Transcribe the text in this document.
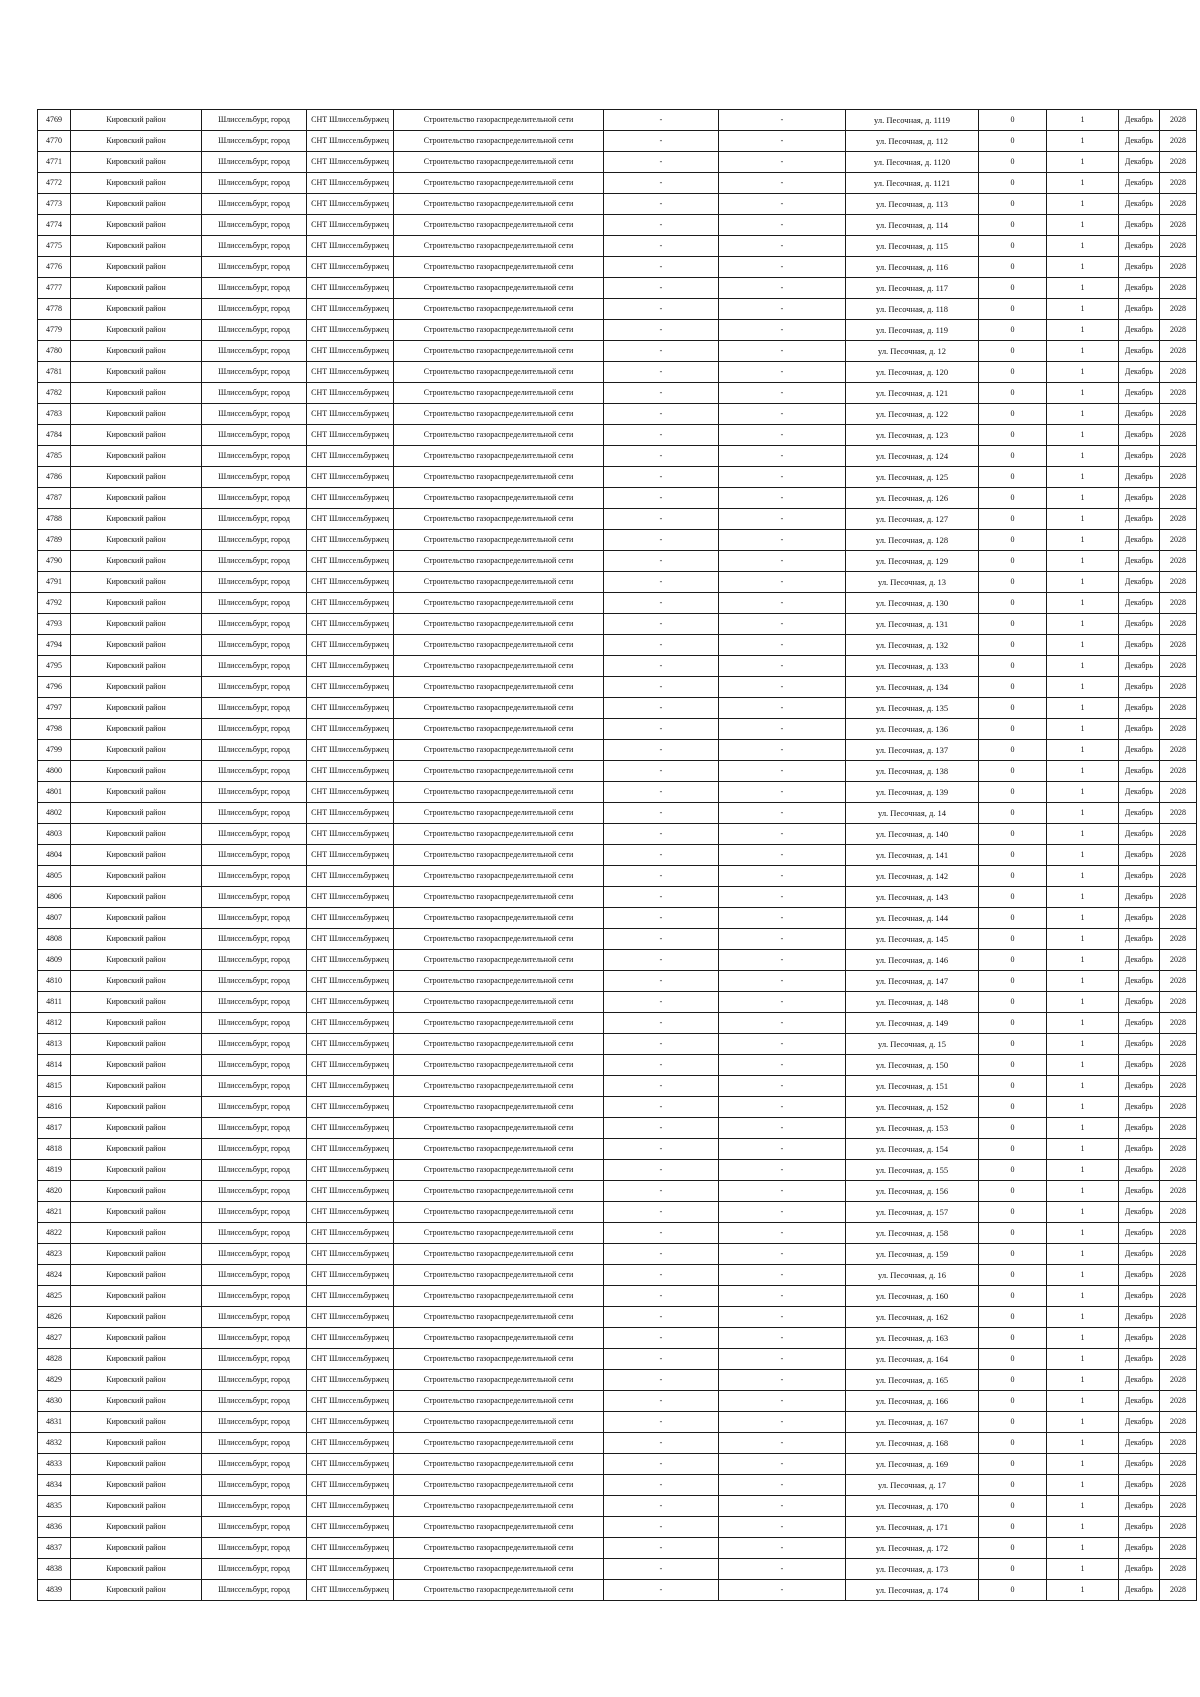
4769	Кировский район	Шлиссельбург, город	СНТ Шлиссельбуржец	Строительство газораспределительной сети	-	-	ул. Песочная, д. 1119	0	1	Декабрь	2028
4770	Кировский район	Шлиссельбург, город	СНТ Шлиссельбуржец	Строительство газораспределительной сети	-	-	ул. Песочная, д. 112	0	1	Декабрь	2028
4771	Кировский район	Шлиссельбург, город	СНТ Шлиссельбуржец	Строительство газораспределительной сети	-	-	ул. Песочная, д. 1120	0	1	Декабрь	2028
4772	Кировский район	Шлиссельбург, город	СНТ Шлиссельбуржец	Строительство газораспределительной сети	-	-	ул. Песочная, д. 1121	0	1	Декабрь	2028
4773	Кировский район	Шлиссельбург, город	СНТ Шлиссельбуржец	Строительство газораспределительной сети	-	-	ул. Песочная, д. 113	0	1	Декабрь	2028
4774	Кировский район	Шлиссельбург, город	СНТ Шлиссельбуржец	Строительство газораспределительной сети	-	-	ул. Песочная, д. 114	0	1	Декабрь	2028
4775	Кировский район	Шлиссельбург, город	СНТ Шлиссельбуржец	Строительство газораспределительной сети	-	-	ул. Песочная, д. 115	0	1	Декабрь	2028
4776	Кировский район	Шлиссельбург, город	СНТ Шлиссельбуржец	Строительство газораспределительной сети	-	-	ул. Песочная, д. 116	0	1	Декабрь	2028
4777	Кировский район	Шлиссельбург, город	СНТ Шлиссельбуржец	Строительство газораспределительной сети	-	-	ул. Песочная, д. 117	0	1	Декабрь	2028
4778	Кировский район	Шлиссельбург, город	СНТ Шлиссельбуржец	Строительство газораспределительной сети	-	-	ул. Песочная, д. 118	0	1	Декабрь	2028
4779	Кировский район	Шлиссельбург, город	СНТ Шлиссельбуржец	Строительство газораспределительной сети	-	-	ул. Песочная, д. 119	0	1	Декабрь	2028
4780	Кировский район	Шлиссельбург, город	СНТ Шлиссельбуржец	Строительство газораспределительной сети	-	-	ул. Песочная, д. 12	0	1	Декабрь	2028
4781	Кировский район	Шлиссельбург, город	СНТ Шлиссельбуржец	Строительство газораспределительной сети	-	-	ул. Песочная, д. 120	0	1	Декабрь	2028
4782	Кировский район	Шлиссельбург, город	СНТ Шлиссельбуржец	Строительство газораспределительной сети	-	-	ул. Песочная, д. 121	0	1	Декабрь	2028
4783	Кировский район	Шлиссельбург, город	СНТ Шлиссельбуржец	Строительство газораспределительной сети	-	-	ул. Песочная, д. 122	0	1	Декабрь	2028
4784	Кировский район	Шлиссельбург, город	СНТ Шлиссельбуржец	Строительство газораспределительной сети	-	-	ул. Песочная, д. 123	0	1	Декабрь	2028
4785	Кировский район	Шлиссельбург, город	СНТ Шлиссельбуржец	Строительство газораспределительной сети	-	-	ул. Песочная, д. 124	0	1	Декабрь	2028
4786	Кировский район	Шлиссельбург, город	СНТ Шлиссельбуржец	Строительство газораспределительной сети	-	-	ул. Песочная, д. 125	0	1	Декабрь	2028
4787	Кировский район	Шлиссельбург, город	СНТ Шлиссельбуржец	Строительство газораспределительной сети	-	-	ул. Песочная, д. 126	0	1	Декабрь	2028
4788	Кировский район	Шлиссельбург, город	СНТ Шлиссельбуржец	Строительство газораспределительной сети	-	-	ул. Песочная, д. 127	0	1	Декабрь	2028
4789	Кировский район	Шлиссельбург, город	СНТ Шлиссельбуржец	Строительство газораспределительной сети	-	-	ул. Песочная, д. 128	0	1	Декабрь	2028
4790	Кировский район	Шлиссельбург, город	СНТ Шлиссельбуржец	Строительство газораспределительной сети	-	-	ул. Песочная, д. 129	0	1	Декабрь	2028
4791	Кировский район	Шлиссельбург, город	СНТ Шлиссельбуржец	Строительство газораспределительной сети	-	-	ул. Песочная, д. 13	0	1	Декабрь	2028
4792	Кировский район	Шлиссельбург, город	СНТ Шлиссельбуржец	Строительство газораспределительной сети	-	-	ул. Песочная, д. 130	0	1	Декабрь	2028
4793	Кировский район	Шлиссельбург, город	СНТ Шлиссельбуржец	Строительство газораспределительной сети	-	-	ул. Песочная, д. 131	0	1	Декабрь	2028
4794	Кировский район	Шлиссельбург, город	СНТ Шлиссельбуржец	Строительство газораспределительной сети	-	-	ул. Песочная, д. 132	0	1	Декабрь	2028
4795	Кировский район	Шлиссельбург, город	СНТ Шлиссельбуржец	Строительство газораспределительной сети	-	-	ул. Песочная, д. 133	0	1	Декабрь	2028
4796	Кировский район	Шлиссельбург, город	СНТ Шлиссельбуржец	Строительство газораспределительной сети	-	-	ул. Песочная, д. 134	0	1	Декабрь	2028
4797	Кировский район	Шлиссельбург, город	СНТ Шлиссельбуржец	Строительство газораспределительной сети	-	-	ул. Песочная, д. 135	0	1	Декабрь	2028
4798	Кировский район	Шлиссельбург, город	СНТ Шлиссельбуржец	Строительство газораспределительной сети	-	-	ул. Песочная, д. 136	0	1	Декабрь	2028
4799	Кировский район	Шлиссельбург, город	СНТ Шлиссельбуржец	Строительство газораспределительной сети	-	-	ул. Песочная, д. 137	0	1	Декабрь	2028
4800	Кировский район	Шлиссельбург, город	СНТ Шлиссельбуржец	Строительство газораспределительной сети	-	-	ул. Песочная, д. 138	0	1	Декабрь	2028
4801	Кировский район	Шлиссельбург, город	СНТ Шлиссельбуржец	Строительство газораспределительной сети	-	-	ул. Песочная, д. 139	0	1	Декабрь	2028
4802	Кировский район	Шлиссельбург, город	СНТ Шлиссельбуржец	Строительство газораспределительной сети	-	-	ул. Песочная, д. 14	0	1	Декабрь	2028
4803	Кировский район	Шлиссельбург, город	СНТ Шлиссельбуржец	Строительство газораспределительной сети	-	-	ул. Песочная, д. 140	0	1	Декабрь	2028
4804	Кировский район	Шлиссельбург, город	СНТ Шлиссельбуржец	Строительство газораспределительной сети	-	-	ул. Песочная, д. 141	0	1	Декабрь	2028
4805	Кировский район	Шлиссельбург, город	СНТ Шлиссельбуржец	Строительство газораспределительной сети	-	-	ул. Песочная, д. 142	0	1	Декабрь	2028
4806	Кировский район	Шлиссельбург, город	СНТ Шлиссельбуржец	Строительство газораспределительной сети	-	-	ул. Песочная, д. 143	0	1	Декабрь	2028
4807	Кировский район	Шлиссельбург, город	СНТ Шлиссельбуржец	Строительство газораспределительной сети	-	-	ул. Песочная, д. 144	0	1	Декабрь	2028
4808	Кировский район	Шлиссельбург, город	СНТ Шлиссельбуржец	Строительство газораспределительной сети	-	-	ул. Песочная, д. 145	0	1	Декабрь	2028
4809	Кировский район	Шлиссельбург, город	СНТ Шлиссельбуржец	Строительство газораспределительной сети	-	-	ул. Песочная, д. 146	0	1	Декабрь	2028
4810	Кировский район	Шлиссельбург, город	СНТ Шлиссельбуржец	Строительство газораспределительной сети	-	-	ул. Песочная, д. 147	0	1	Декабрь	2028
4811	Кировский район	Шлиссельбург, город	СНТ Шлиссельбуржец	Строительство газораспределительной сети	-	-	ул. Песочная, д. 148	0	1	Декабрь	2028
4812	Кировский район	Шлиссельбург, город	СНТ Шлиссельбуржец	Строительство газораспределительной сети	-	-	ул. Песочная, д. 149	0	1	Декабрь	2028
4813	Кировский район	Шлиссельбург, город	СНТ Шлиссельбуржец	Строительство газораспределительной сети	-	-	ул. Песочная, д. 15	0	1	Декабрь	2028
4814	Кировский район	Шлиссельбург, город	СНТ Шлиссельбуржец	Строительство газораспределительной сети	-	-	ул. Песочная, д. 150	0	1	Декабрь	2028
4815	Кировский район	Шлиссельбург, город	СНТ Шлиссельбуржец	Строительство газораспределительной сети	-	-	ул. Песочная, д. 151	0	1	Декабрь	2028
4816	Кировский район	Шлиссельбург, город	СНТ Шлиссельбуржец	Строительство газораспределительной сети	-	-	ул. Песочная, д. 152	0	1	Декабрь	2028
4817	Кировский район	Шлиссельбург, город	СНТ Шлиссельбуржец	Строительство газораспределительной сети	-	-	ул. Песочная, д. 153	0	1	Декабрь	2028
4818	Кировский район	Шлиссельбург, город	СНТ Шлиссельбуржец	Строительство газораспределительной сети	-	-	ул. Песочная, д. 154	0	1	Декабрь	2028
4819	Кировский район	Шлиссельбург, город	СНТ Шлиссельбуржец	Строительство газораспределительной сети	-	-	ул. Песочная, д. 155	0	1	Декабрь	2028
4820	Кировский район	Шлиссельбург, город	СНТ Шлиссельбуржец	Строительство газораспределительной сети	-	-	ул. Песочная, д. 156	0	1	Декабрь	2028
4821	Кировский район	Шлиссельбург, город	СНТ Шлиссельбуржец	Строительство газораспределительной сети	-	-	ул. Песочная, д. 157	0	1	Декабрь	2028
4822	Кировский район	Шлиссельбург, город	СНТ Шлиссельбуржец	Строительство газораспределительной сети	-	-	ул. Песочная, д. 158	0	1	Декабрь	2028
4823	Кировский район	Шлиссельбург, город	СНТ Шлиссельбуржец	Строительство газораспределительной сети	-	-	ул. Песочная, д. 159	0	1	Декабрь	2028
4824	Кировский район	Шлиссельбург, город	СНТ Шлиссельбуржец	Строительство газораспределительной сети	-	-	ул. Песочная, д. 16	0	1	Декабрь	2028
4825	Кировский район	Шлиссельбург, город	СНТ Шлиссельбуржец	Строительство газораспределительной сети	-	-	ул. Песочная, д. 160	0	1	Декабрь	2028
4826	Кировский район	Шлиссельбург, город	СНТ Шлиссельбуржец	Строительство газораспределительной сети	-	-	ул. Песочная, д. 162	0	1	Декабрь	2028
4827	Кировский район	Шлиссельбург, город	СНТ Шлиссельбуржец	Строительство газораспределительной сети	-	-	ул. Песочная, д. 163	0	1	Декабрь	2028
4828	Кировский район	Шлиссельбург, город	СНТ Шлиссельбуржец	Строительство газораспределительной сети	-	-	ул. Песочная, д. 164	0	1	Декабрь	2028
4829	Кировский район	Шлиссельбург, город	СНТ Шлиссельбуржец	Строительство газораспределительной сети	-	-	ул. Песочная, д. 165	0	1	Декабрь	2028
4830	Кировский район	Шлиссельбург, город	СНТ Шлиссельбуржец	Строительство газораспределительной сети	-	-	ул. Песочная, д. 166	0	1	Декабрь	2028
4831	Кировский район	Шлиссельбург, город	СНТ Шлиссельбуржец	Строительство газораспределительной сети	-	-	ул. Песочная, д. 167	0	1	Декабрь	2028
4832	Кировский район	Шлиссельбург, город	СНТ Шлиссельбуржец	Строительство газораспределительной сети	-	-	ул. Песочная, д. 168	0	1	Декабрь	2028
4833	Кировский район	Шлиссельбург, город	СНТ Шлиссельбуржец	Строительство газораспределительной сети	-	-	ул. Песочная, д. 169	0	1	Декабрь	2028
4834	Кировский район	Шлиссельбург, город	СНТ Шлиссельбуржец	Строительство газораспределительной сети	-	-	ул. Песочная, д. 17	0	1	Декабрь	2028
4835	Кировский район	Шлиссельбург, город	СНТ Шлиссельбуржец	Строительство газораспределительной сети	-	-	ул. Песочная, д. 170	0	1	Декабрь	2028
4836	Кировский район	Шлиссельбург, город	СНТ Шлиссельбуржец	Строительство газораспределительной сети	-	-	ул. Песочная, д. 171	0	1	Декабрь	2028
4837	Кировский район	Шлиссельбург, город	СНТ Шлиссельбуржец	Строительство газораспределительной сети	-	-	ул. Песочная, д. 172	0	1	Декабрь	2028
4838	Кировский район	Шлиссельбург, город	СНТ Шлиссельбуржец	Строительство газораспределительной сети	-	-	ул. Песочная, д. 173	0	1	Декабрь	2028
4839	Кировский район	Шлиссельбург, город	СНТ Шлиссельбуржец	Строительство газораспределительной сети	-	-	ул. Песочная, д. 174	0	1	Декабрь	2028
